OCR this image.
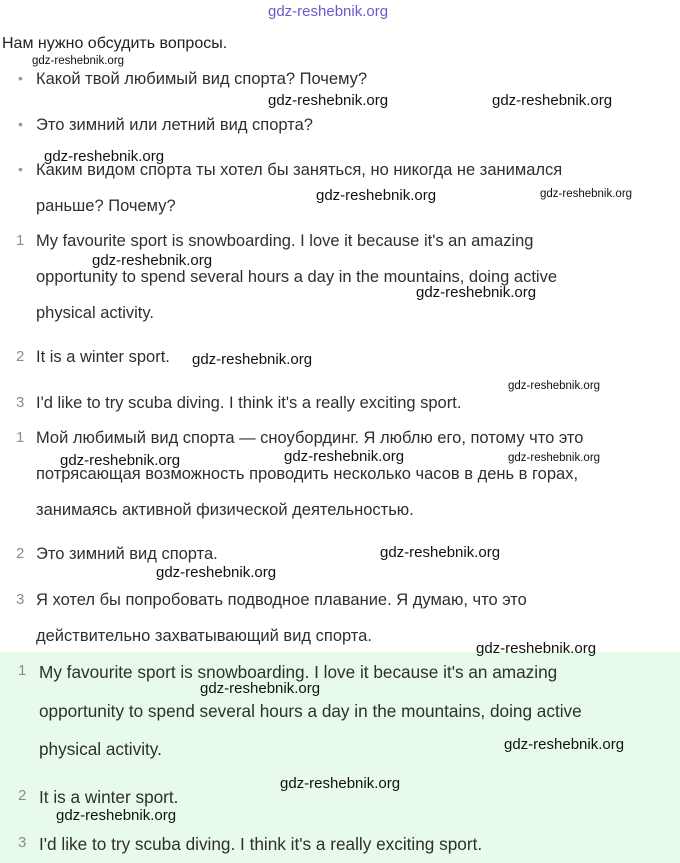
gdz-reshebnik.org
Нам нужно обсудить вопросы.
• Какой твой любимый вид спорта? Почему?
• Это зимний или летний вид спорта?
• Каким видом спорта ты хотел бы заняться, но никогда не занимался
раньше? Почему?
1 My favourite sport is snowboarding. I love it because it's an amazing
opportunity to spend several hours a day in the mountains, doing active
physical activity.
2 It is a winter sport.
3 I'd like to try scuba diving. I think it's a really exciting sport.
1 Мой любимый вид спорта — сноубординг. Я люблю его, потому что это
потрясающая возможность проводить несколько часов в день в горах,
занимаясь активной физической деятельностью.
2 Это зимний вид спорта.
3 Я хотел бы попробовать подводное плавание. Я думаю, что это
действительно захватывающий вид спорта.
1 My favourite sport is snowboarding. I love it because it's an amazing
opportunity to spend several hours a day in the mountains, doing active
physical activity.
2 It is a winter sport.
3 I'd like to try scuba diving. I think it's a really exciting sport.
gdz-reshebnik.org
gdz-reshebnik.org	gdz-reshebnik.org
gdz-reshebnik.org
gdz-reshebnik.org	gdz-reshebnik.org
gdz-reshebnik.org
gdz-reshebnik.org
gdz-reshebnik.org
gdz-reshebnik.org
gdz-reshebnik.org	gdz-reshebnik.org	gdz-reshebnik.org
gdz-reshebnik.org
gdz-reshebnik.org
gdz-reshebnik.org
gdz-reshebnik.org
gdz-reshebnik.org
gdz-reshebnik.org
gdz-reshebnik.org
